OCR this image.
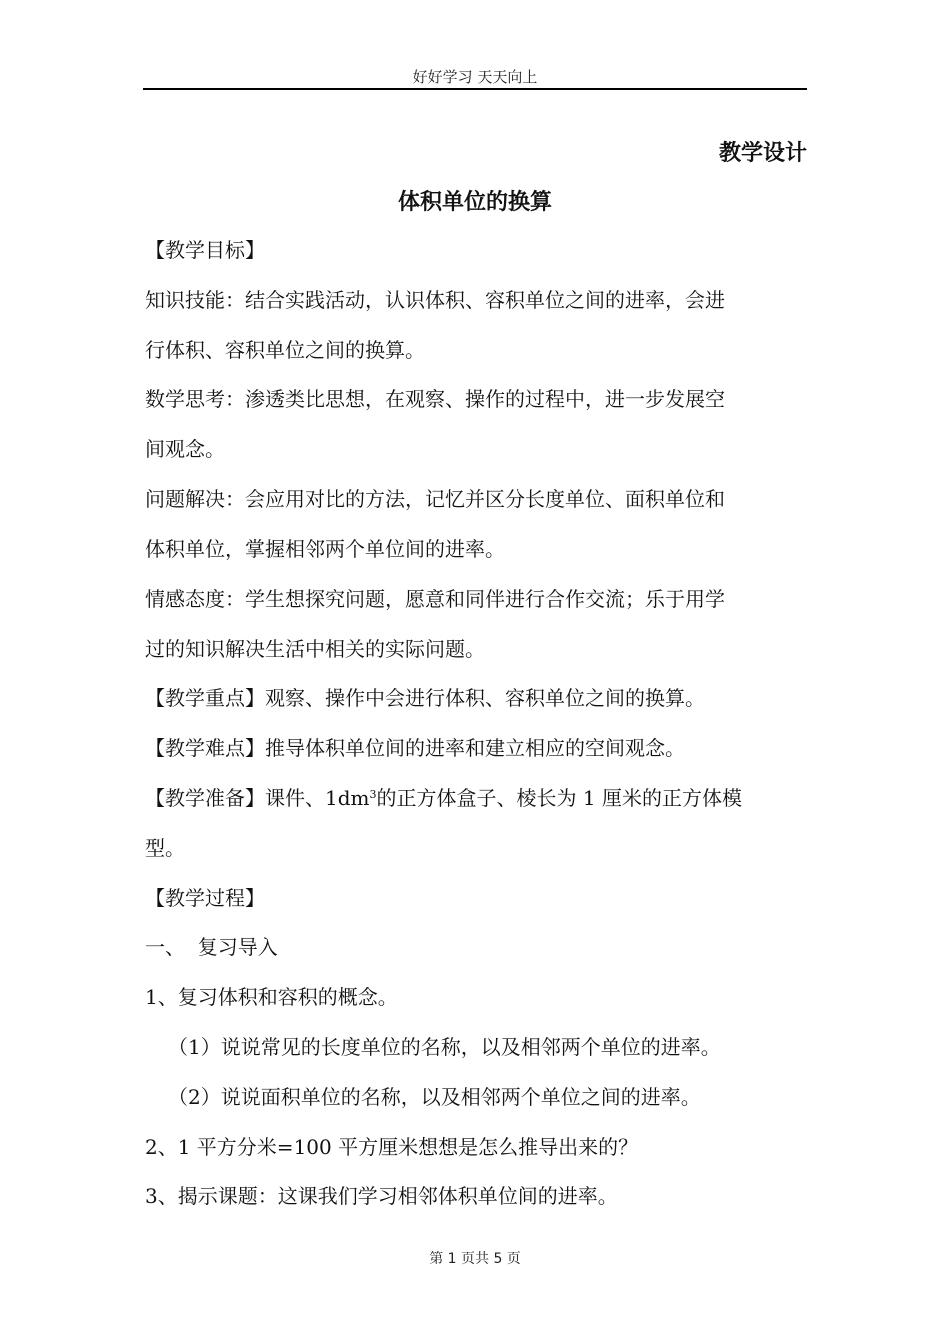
好好学习 天天向上
教学设计
体积单位的换算
【教学目标】
知识技能：结合实践活动，认识体积、容积单位之间的进率，会进
行体积、容积单位之间的换算。
数学思考：渗透类比思想，在观察、操作的过程中，进一步发展空
间观念。
问题解决：会应用对比的方法，记忆并区分长度单位、面积单位和
体积单位，掌握相邻两个单位间的进率。
情感态度：学生想探究问题，愿意和同伴进行合作交流；乐于用学
过的知识解决生活中相关的实际问题。
【教学重点】观察、操作中会进行体积、容积单位之间的换算。
【教学难点】推导体积单位间的进率和建立相应的空间观念。
【教学准备】课件、$1dm^3$的正方体盒子、棱长为 1 厘米的正方体模
型。
【教学过程】
一、  复习导入
1、复习体积和容积的概念。
（1）说说常见的长度单位的名称，以及相邻两个单位的进率。
（2）说说面积单位的名称，以及相邻两个单位之间的进率。
2、1 平方分米=100 平方厘米想想是怎么推导出来的？
3、揭示课题：这课我们学习相邻体积单位间的进率。
第 1 页共 5 页
